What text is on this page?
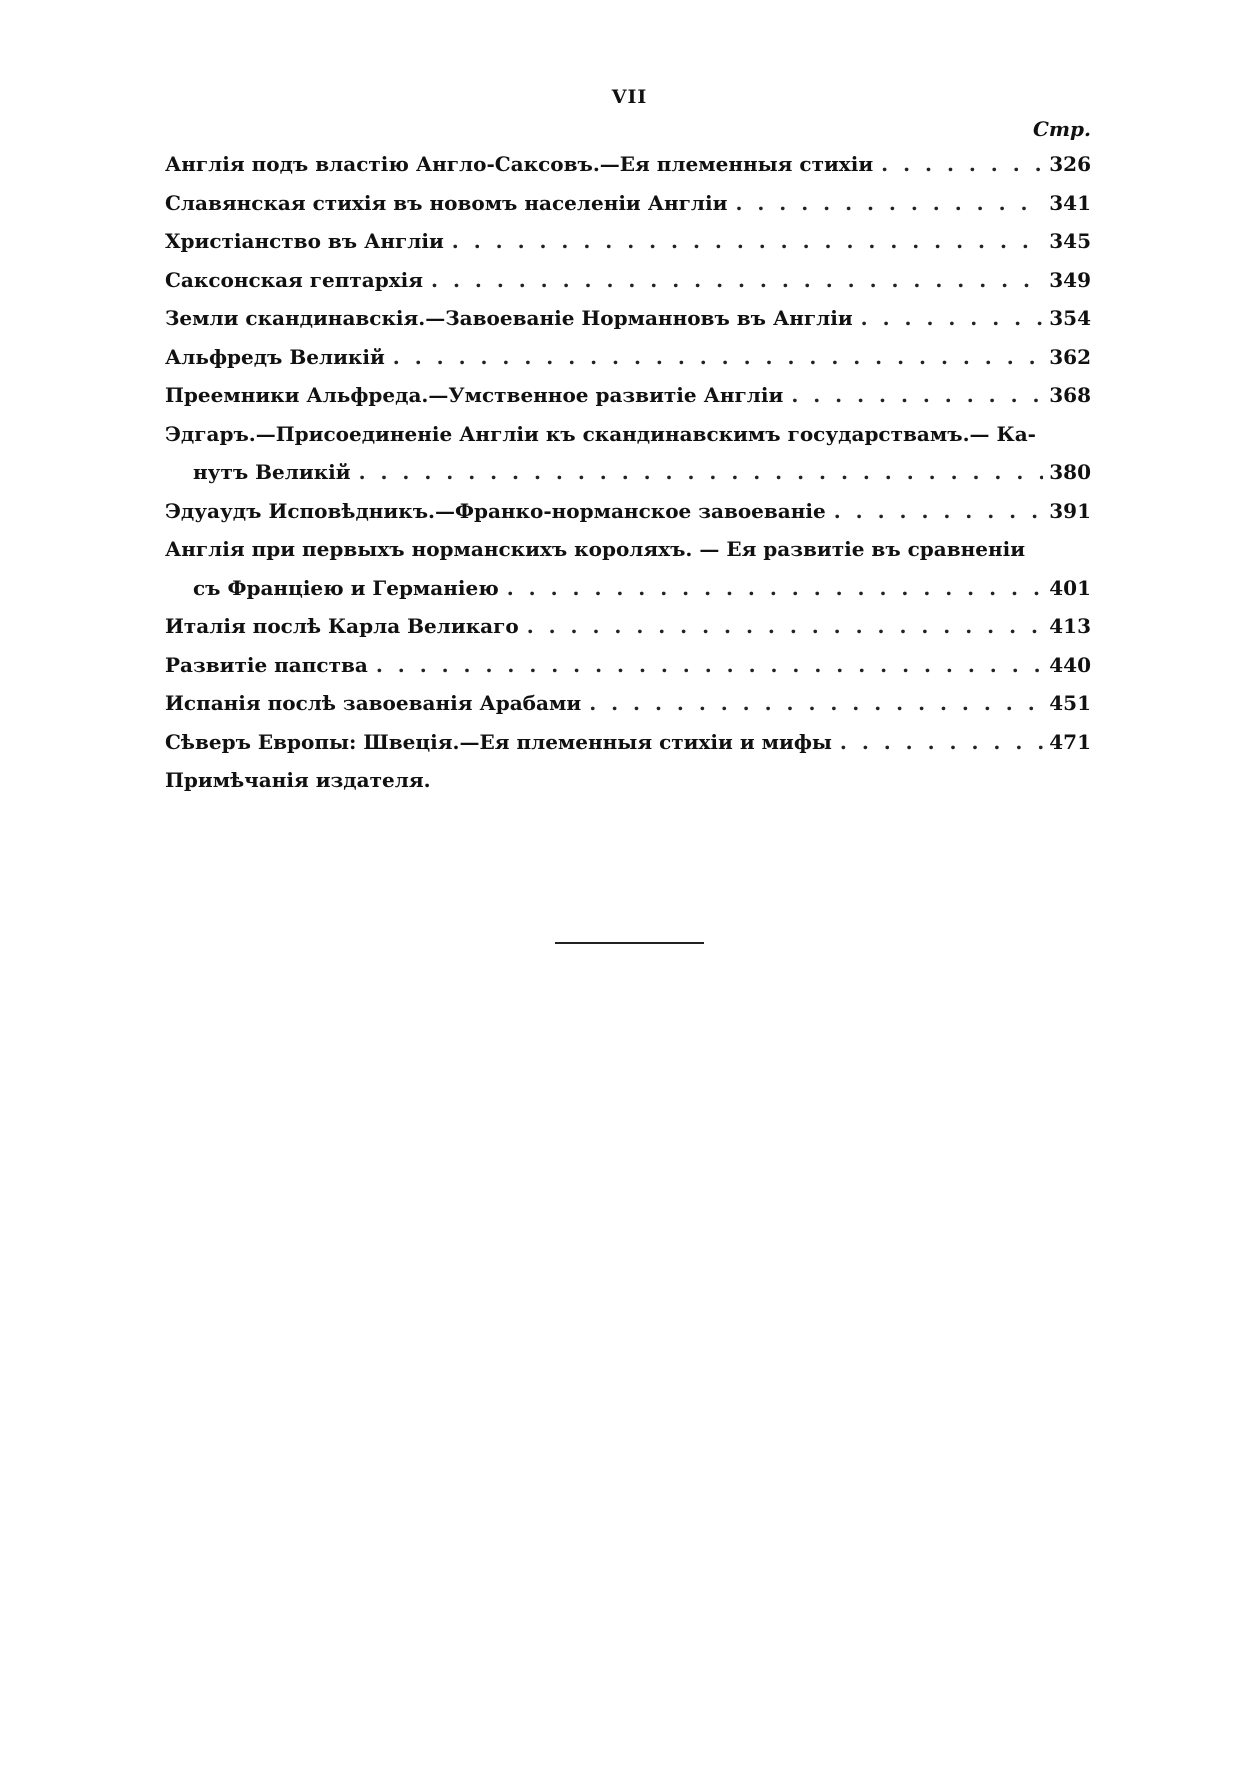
VII
Стр.
Англія подъ властію Англо-Саксовъ.—Ея племенныя стихіи . . .	326
Славянская стихія въ новомъ населеніи Англіи . . .	341
Христіанство въ Англіи . . .	345
Саксонская гептархія . . .	349
Земли скандинавскія.—Завоеваніе Норманновъ въ Англіи . . .	354
Альфредъ Великій . . .	362
Преемники Альфреда.—Умственное развитіе Англіи . . .	368
Эдгаръ.—Присоединеніе Англіи къ скандинавскимъ государствамъ.— Ка-
нутъ Великій . . .	380
Эдуаудъ Исповѣдникъ.—Франко-норманское завоеваніе . . .	391
Англія при первыхъ норманскихъ короляхъ. — Ея развитіе въ сравненіи
съ Франціею и Германіею . . .	401
Италія послѣ Карла Великаго . . .	413
Развитіе папства . . .	440
Испанія послѣ завоеванія Арабами . . .	451
Сѣверъ Европы: Швеція.—Ея племенныя стихіи и мифы . . .	471
Примѣчанія издателя.
